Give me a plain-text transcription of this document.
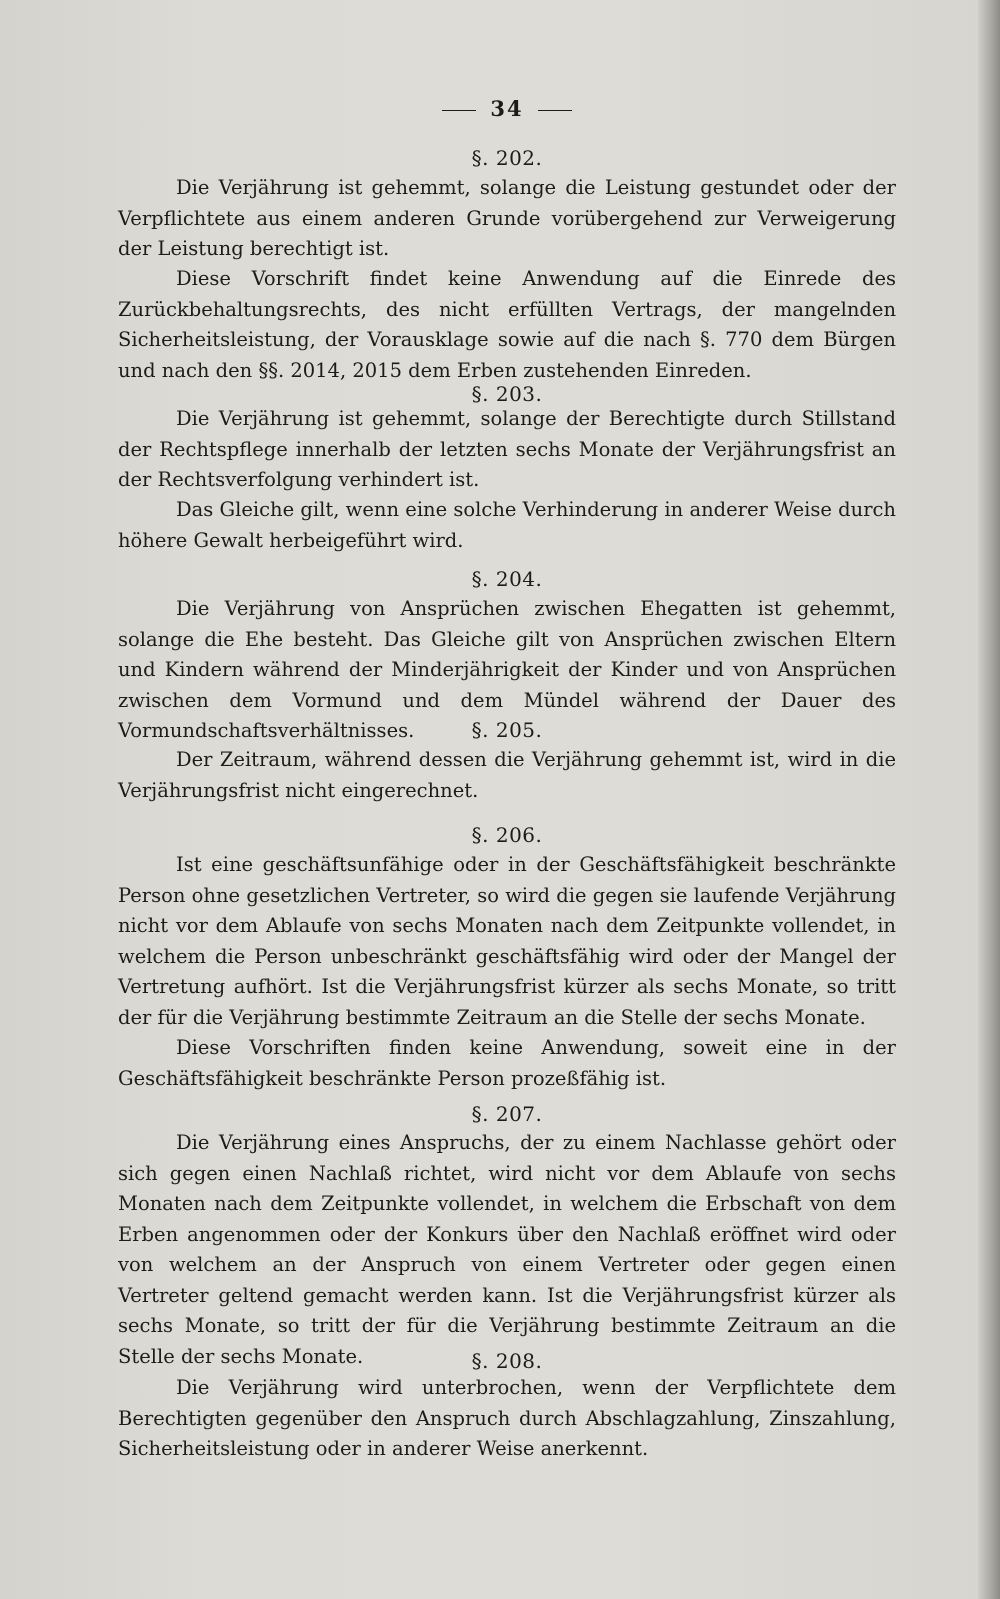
34
§. 202.
Die Verjährung ist gehemmt, solange die Leistung gestundet oder der Verpflichtete aus einem anderen Grunde vorübergehend zur Verweigerung der Leistung berechtigt ist.
Diese Vorschrift findet keine Anwendung auf die Einrede des Zurückbehaltungsrechts, des nicht erfüllten Vertrags, der mangelnden Sicherheitsleistung, der Vorausklage sowie auf die nach §. 770 dem Bürgen und nach den §§. 2014, 2015 dem Erben zustehenden Einreden.
§. 203.
Die Verjährung ist gehemmt, solange der Berechtigte durch Stillstand der Rechtspflege innerhalb der letzten sechs Monate der Verjährungsfrist an der Rechtsverfolgung verhindert ist.
Das Gleiche gilt, wenn eine solche Verhinderung in anderer Weise durch höhere Gewalt herbeigeführt wird.
§. 204.
Die Verjährung von Ansprüchen zwischen Ehegatten ist gehemmt, solange die Ehe besteht. Das Gleiche gilt von Ansprüchen zwischen Eltern und Kindern während der Minderjährigkeit der Kinder und von Ansprüchen zwischen dem Vormund und dem Mündel während der Dauer des Vormundschaftsverhältnisses.	§. 205.
Der Zeitraum, während dessen die Verjährung gehemmt ist, wird in die Verjährungsfrist nicht eingerechnet.
§. 206.
Ist eine geschäftsunfähige oder in der Geschäftsfähigkeit beschränkte Person ohne gesetzlichen Vertreter, so wird die gegen sie laufende Verjährung nicht vor dem Ablaufe von sechs Monaten nach dem Zeitpunkte vollendet, in welchem die Person unbeschränkt geschäftsfähig wird oder der Mangel der Vertretung aufhört. Ist die Verjährungsfrist kürzer als sechs Monate, so tritt der für die Verjährung bestimmte Zeitraum an die Stelle der sechs Monate.
Diese Vorschriften finden keine Anwendung, soweit eine in der Geschäftsfähigkeit beschränkte Person prozeßfähig ist.
§. 207.
Die Verjährung eines Anspruchs, der zu einem Nachlasse gehört oder sich gegen einen Nachlaß richtet, wird nicht vor dem Ablaufe von sechs Monaten nach dem Zeitpunkte vollendet, in welchem die Erbschaft von dem Erben angenommen oder der Konkurs über den Nachlaß eröffnet wird oder von welchem an der Anspruch von einem Vertreter oder gegen einen Vertreter geltend gemacht werden kann. Ist die Verjährungsfrist kürzer als sechs Monate, so tritt der für die Verjährung bestimmte Zeitraum an die Stelle der sechs Monate.	§. 208.
Die Verjährung wird unterbrochen, wenn der Verpflichtete dem Berechtigten gegenüber den Anspruch durch Abschlagzahlung, Zinszahlung, Sicherheitsleistung oder in anderer Weise anerkennt.
